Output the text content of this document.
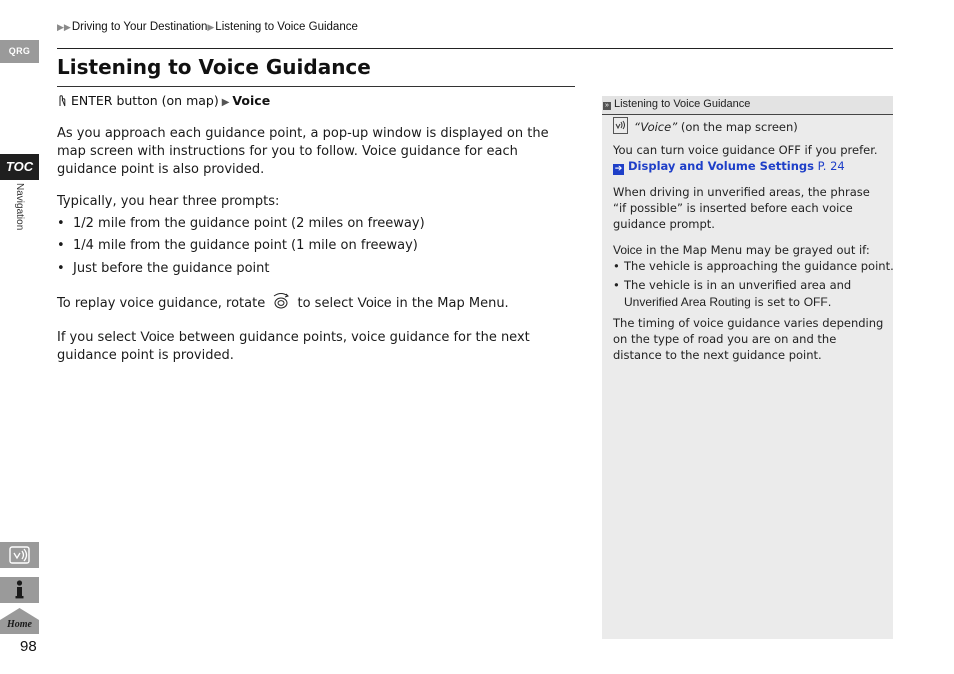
QRG
TOC
Navigation
Home
98
▶▶Driving to Your Destination▶Listening to Voice Guidance
Listening to Voice Guidance
ENTER button (on map) ▶ Voice
As you approach each guidance point, a pop-up window is displayed on the map screen with instructions for you to follow. Voice guidance for each guidance point is also provided.
Typically, you hear three prompts:
• 1/2 mile from the guidance point (2 miles on freeway)
• 1/4 mile from the guidance point (1 mile on freeway)
• Just before the guidance point
To replay voice guidance, rotate to select Voice in the Map Menu.
If you select Voice between guidance points, voice guidance for the next guidance point is provided.
» Listening to Voice Guidance
“Voice” (on the map screen)
You can turn voice guidance OFF if you prefer.
➔ Display and Volume Settings P. 24
When driving in unverified areas, the phrase “if possible” is inserted before each voice guidance prompt.
Voice in the Map Menu may be grayed out if:
• The vehicle is approaching the guidance point.
• The vehicle is in an unverified area and
Unverified Area Routing is set to OFF.
The timing of voice guidance varies depending on the type of road you are on and the distance to the next guidance point.
